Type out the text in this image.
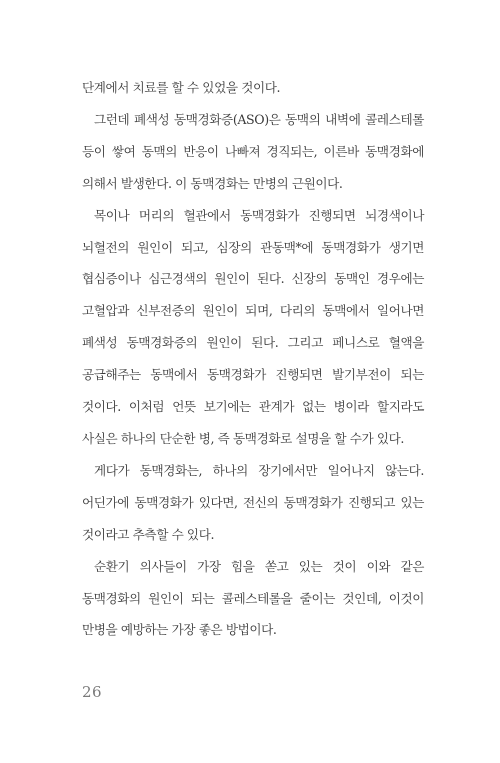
단계에서 치료를 할 수 있었을 것이다.

그런데 폐색성 동맥경화증(ASO)은 동맥의 내벽에 콜레스테롤 등이 쌓여 동맥의 반응이 나빠져 경직되는, 이른바 동맥경화에 의해서 발생한다. 이 동맥경화는 만병의 근원이다.

목이나 머리의 혈관에서 동맥경화가 진행되면 뇌경색이나 뇌혈전의 원인이 되고, 심장의 관동맥*에 동맥경화가 생기면 협심증이나 심근경색의 원인이 된다. 신장의 동맥인 경우에는 고혈압과 신부전증의 원인이 되며, 다리의 동맥에서 일어나면 폐색성 동맥경화증의 원인이 된다. 그리고 페니스로 혈액을 공급해주는 동맥에서 동맥경화가 진행되면 발기부전이 되는 것이다. 이처럼 언뜻 보기에는 관계가 없는 병이라 할지라도 사실은 하나의 단순한 병, 즉 동맥경화로 설명을 할 수가 있다.

게다가 동맥경화는, 하나의 장기에서만 일어나지 않는다. 어딘가에 동맥경화가 있다면, 전신의 동맥경화가 진행되고 있는 것이라고 추측할 수 있다.

순환기 의사들이 가장 힘을 쏟고 있는 것이 이와 같은 동맥경화의 원인이 되는 콜레스테롤을 줄이는 것인데, 이것이 만병을 예방하는 가장 좋은 방법이다.

26
